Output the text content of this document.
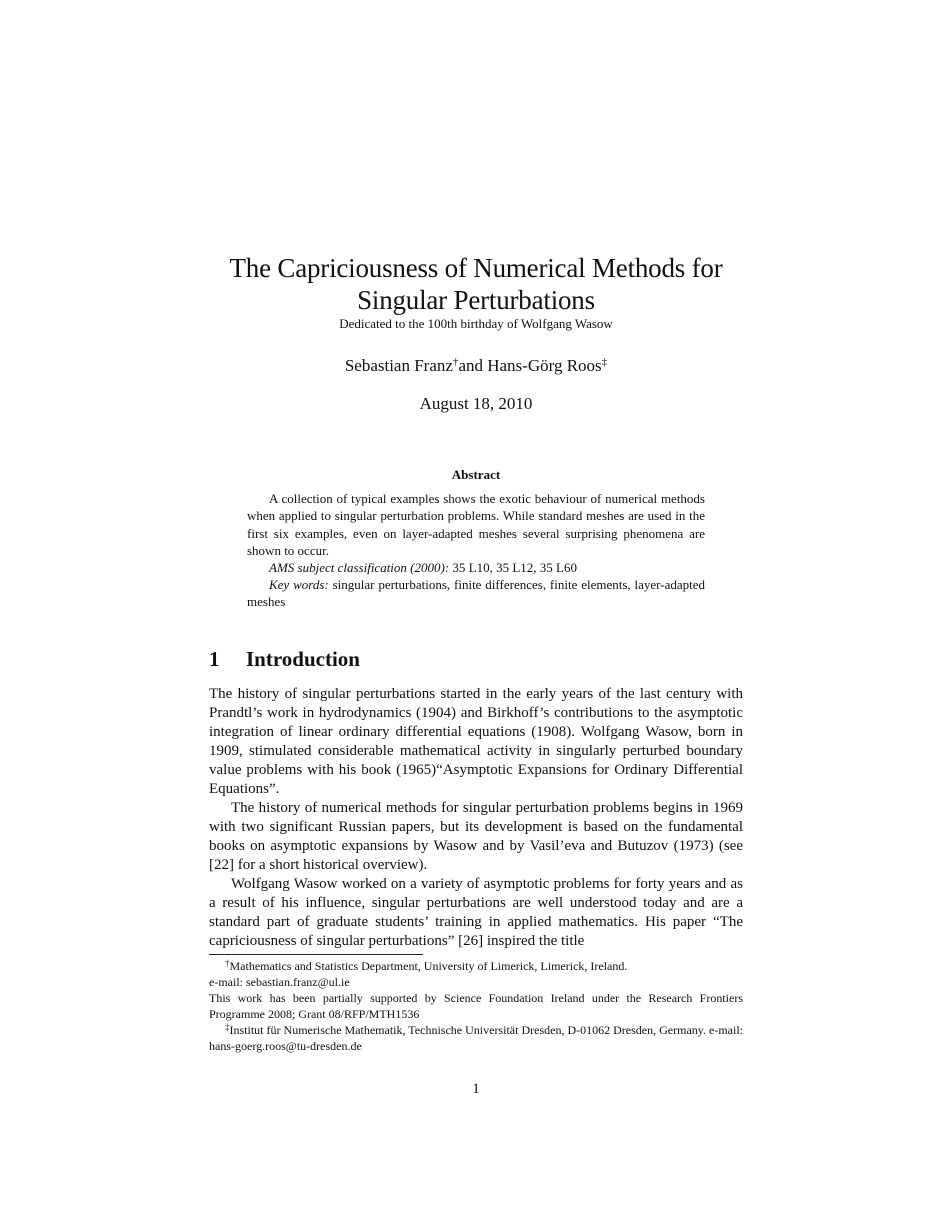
The Capriciousness of Numerical Methods for
Singular Perturbations
Dedicated to the 100th birthday of Wolfgang Wasow
Sebastian Franz†and Hans-Görg Roos‡
August 18, 2010
Abstract

A collection of typical examples shows the exotic behaviour of numerical methods when applied to singular perturbation problems. While standard meshes are used in the first six examples, even on layer-adapted meshes several surprising phenomena are shown to occur.

AMS subject classification (2000): 35 L10, 35 L12, 35 L60

Key words: singular perturbations, finite differences, finite elements, layer-adapted meshes

1 Introduction

The history of singular perturbations started in the early years of the last century with Prandtl’s work in hydrodynamics (1904) and Birkhoff’s contributions to the asymptotic integration of linear ordinary differential equations (1908). Wolfgang Wasow, born in 1909, stimulated considerable mathematical activity in singularly perturbed boundary value problems with his book (1965)“Asymptotic Expansions for Ordinary Differential Equations”.

The history of numerical methods for singular perturbation problems begins in 1969 with two significant Russian papers, but its development is based on the fundamental books on asymptotic expansions by Wasow and by Vasil’eva and Butuzov (1973) (see [22] for a short historical overview).

Wolfgang Wasow worked on a variety of asymptotic problems for forty years and as a result of his influence, singular perturbations are well understood today and are a standard part of graduate students’ training in applied mathematics. His paper “The capriciousness of singular perturbations” [26] inspired the title

†Mathematics and Statistics Department, University of Limerick, Limerick, Ireland.

e-mail: sebastian.franz@ul.ie

This work has been partially supported by Science Foundation Ireland under the Research Frontiers Programme 2008; Grant 08/RFP/MTH1536

‡Institut für Numerische Mathematik, Technische Universität Dresden, D-01062 Dresden, Germany. e-mail: hans-goerg.roos@tu-dresden.de

1
